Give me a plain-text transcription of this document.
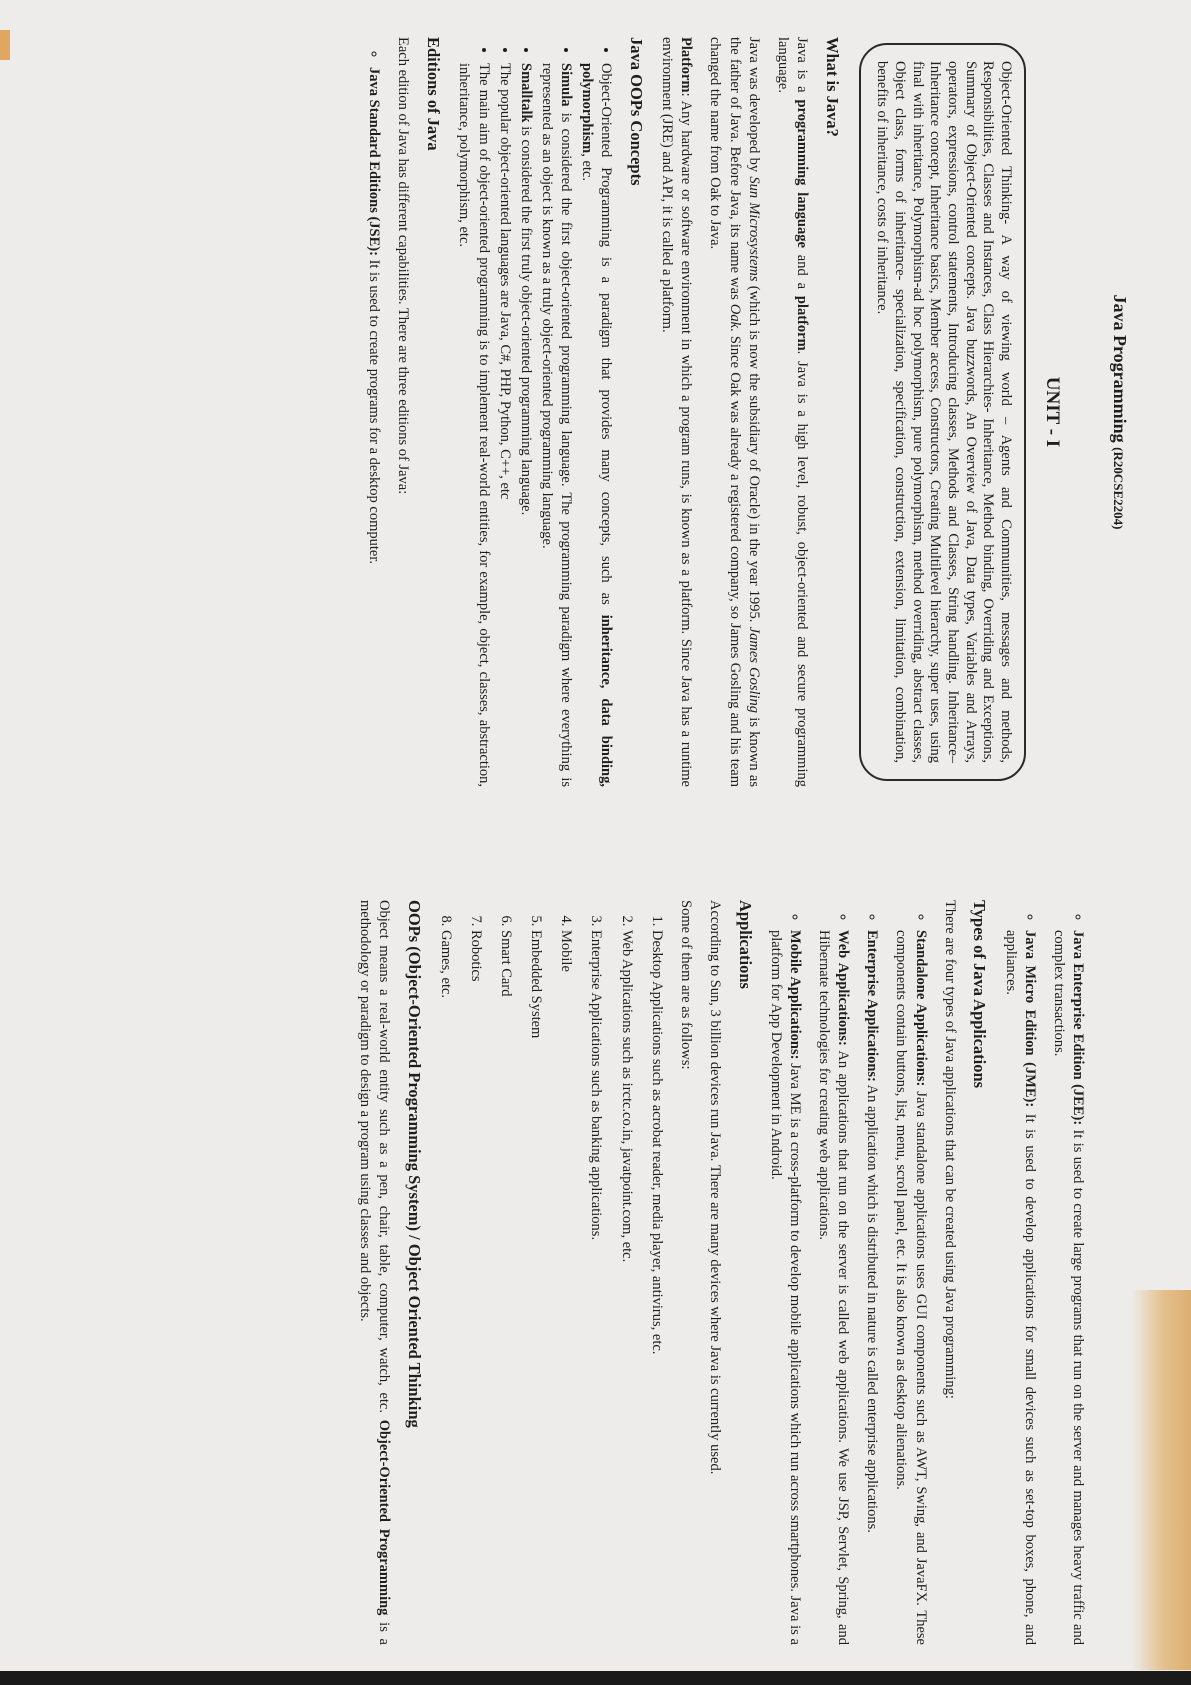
Java Programming (R20CSE2204)
UNIT - I

Object-Oriented Thinking- A way of viewing world – Agents and Communities, messages and methods, Responsibilities, Classes and Instances, Class Hierarchies- Inheritance, Method binding, Overriding and Exceptions, Summary of Object-Oriented concepts. Java buzzwords, An Overview of Java, Data types, Variables and Arrays, operators, expressions, control statements, Introducing classes, Methods and Classes, String handling. Inheritance– Inheritance concept, Inheritance basics, Member access, Constructors, Creating Multilevel hierarchy, super uses, using final with inheritance, Polymorphism-ad hoc polymorphism, pure polymorphism, method overriding, abstract classes, Object class, forms of inheritance- specialization, specification, construction, extension, limitation, combination, benefits of inheritance, costs of inheritance.

What is Java?

Java is a programming language and a platform. Java is a high level, robust, object-oriented and secure programming language.

Java was developed by Sun Microsystems (which is now the subsidiary of Oracle) in the year 1995. James Gosling is known as the father of Java. Before Java, its name was Oak. Since Oak was already a registered company, so James Gosling and his team changed the name from Oak to Java.

Platform: Any hardware or software environment in which a program runs, is known as a platform. Since Java has a runtime environment (JRE) and API, it is called a platform.

Java OOPs Concepts
• Object-Oriented Programming is a paradigm that provides many concepts, such as inheritance, data binding, polymorphism, etc.
• Simula is considered the first object-oriented programming language. The programming paradigm where everything is represented as an object is known as a truly object-oriented programming language.
• Smalltalk is considered the first truly object-oriented programming language.
• The popular object-oriented languages are Java, C#, PHP, Python, C++, etc
• The main aim of object-oriented programming is to implement real-world entities, for example, object, classes, abstraction, inheritance, polymorphism, etc.
Editions of Java

Each edition of Java has different capabilities. There are three editions of Java:

◦ Java Standard Editions (JSE): It is used to create programs for a desktop computer.
◦ Java Enterprise Edition (JEE): It is used to create large programs that run on the server and manages heavy traffic and complex transactions.
◦ Java Micro Edition (JME): It is used to develop applications for small devices such as set-top boxes, phone, and appliances.
Types of Java Applications

There are four types of Java applications that can be created using Java programming:

◦ Standalone Applications: Java standalone applications uses GUI components such as AWT, Swing, and JavaFX. These components contain buttons, list, menu, scroll panel, etc. It is also known as desktop alienations.
◦ Enterprise Applications: An application which is distributed in nature is called enterprise applications.
◦ Web Applications: An applications that run on the server is called web applications. We use JSP, Servlet, Spring, and Hibernate technologies for creating web applications.
◦ Mobile Applications: Java ME is a cross-platform to develop mobile applications which run across smartphones. Java is a platform for App Development in Android.
Applications

According to Sun, 3 billion devices run Java. There are many devices where Java is currently used.

Some of them are as follows:

1. Desktop Applications such as acrobat reader, media player, antivirus, etc.
2. Web Applications such as irctc.co.in, javatpoint.com, etc.
3. Enterprise Applications such as banking applications.
4. Mobile
5. Embedded System
6. Smart Card
7. Robotics
8. Games, etc.
OOPs (Object-Oriented Programming System) / Object Oriented Thinking

Object means a real-world entity such as a pen, chair, table, computer, watch, etc. Object-Oriented Programming is a methodology or paradigm to design a program using classes and objects.
